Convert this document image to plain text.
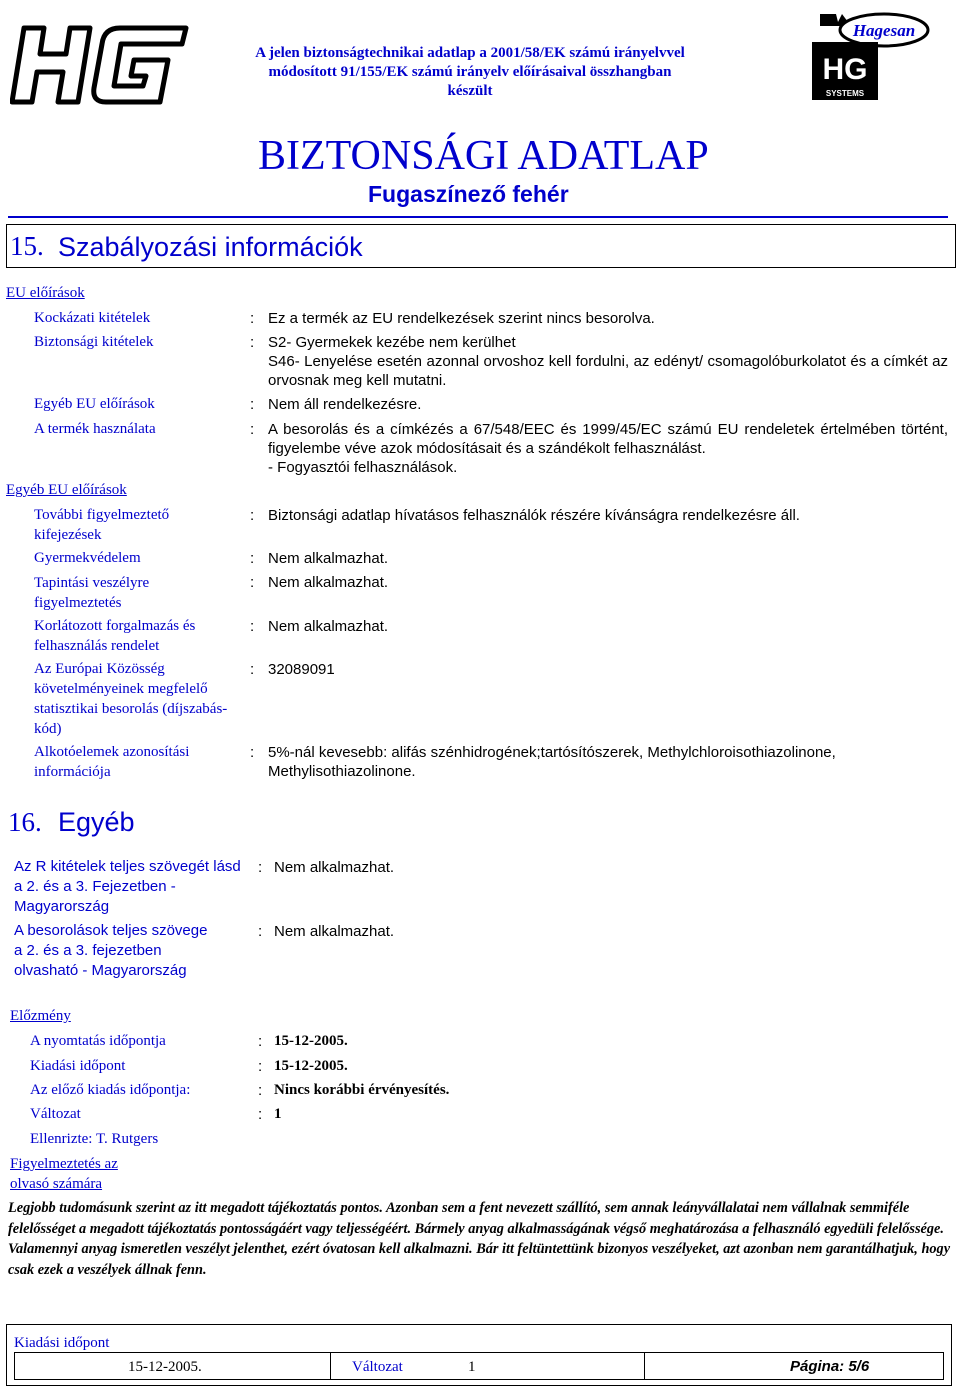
A jelen biztonságtechnikai adatlap a 2001/58/EK számú irányelvvel módosított 91/155/EK számú irányelv előírásaival összhangban készült
Hagesan
HG
SYSTEMS
BIZTONSÁGI ADATLAP
Fugaszínező fehér
15. Szabályozási információk
EU előírások
Kockázati kitételek	: Ez a termék az EU rendelkezések szerint nincs besorolva.
Biztonsági kitételek	: S2- Gyermekek kezébe nem kerülhet
S46- Lenyelése esetén azonnal orvoshoz kell fordulni, az edényt/ csomagolóburkolatot és a címkét az orvosnak meg kell mutatni.
Egyéb EU előírások	: Nem áll rendelkezésre.
A termék használata	: A besorolás és a címkézés a 67/548/EEC és 1999/45/EC számú EU rendeletek értelmében történt, figyelembe véve azok módosításait és a szándékolt felhasználást.
- Fogyasztói felhasználások.
Egyéb EU előírások
További figyelmeztető kifejezések
: Biztonsági adatlap hívatásos felhasználók részére kívánságra rendelkezésre áll.
Gyermekvédelem	: Nem alkalmazhat.
Tapintási veszélyre figyelmeztetés
: Nem alkalmazhat.
Korlátozott forgalmazás és felhasználás rendelet
: Nem alkalmazhat.
Az Európai Közösség követelményeinek megfelelő statisztikai besorolás (díjszabás-kód)
: 32089091
Alkotóelemek azonosítási információja
: 5%-nál kevesebb: alifás szénhidrogének;tartósítószerek, Methylchloroisothiazolinone, Methylisothiazolinone.
16. Egyéb
Az R kitételek teljes szövegét lásd a 2. és a 3. Fejezetben - Magyarország
: Nem alkalmazhat.
A besorolások teljes szövege a 2. és a 3. fejezetben olvasható - Magyarország
: Nem alkalmazhat.
Előzmény
A nyomtatás időpontja	: 15-12-2005.
Kiadási időpont	: 15-12-2005.
Az előző kiadás időpontja:	: Nincs korábbi érvényesítés.
Változat	: 1
Ellenrizte: T. Rutgers
Figyelmeztetés az olvasó számára
Legjobb tudomásunk szerint az itt megadott tájékoztatás pontos. Azonban sem a fent nevezett szállító, sem annak leányvállalatai nem vállalnak semmiféle felelősséget a megadott tájékoztatás pontosságáért vagy teljességéért. Bármely anyag alkalmasságának végső meghatározása a felhasználó egyedüli felelőssége. Valamennyi anyag ismeretlen veszélyt jelenthet, ezért óvatosan kell alkalmazni. Bár itt feltüntettünk bizonyos veszélyeket, azt azonban nem garantálhatjuk, hogy csak ezek a veszélyek állnak fenn.
Kiadási időpont
15-12-2005.	Változat	1	Página: 5/6
